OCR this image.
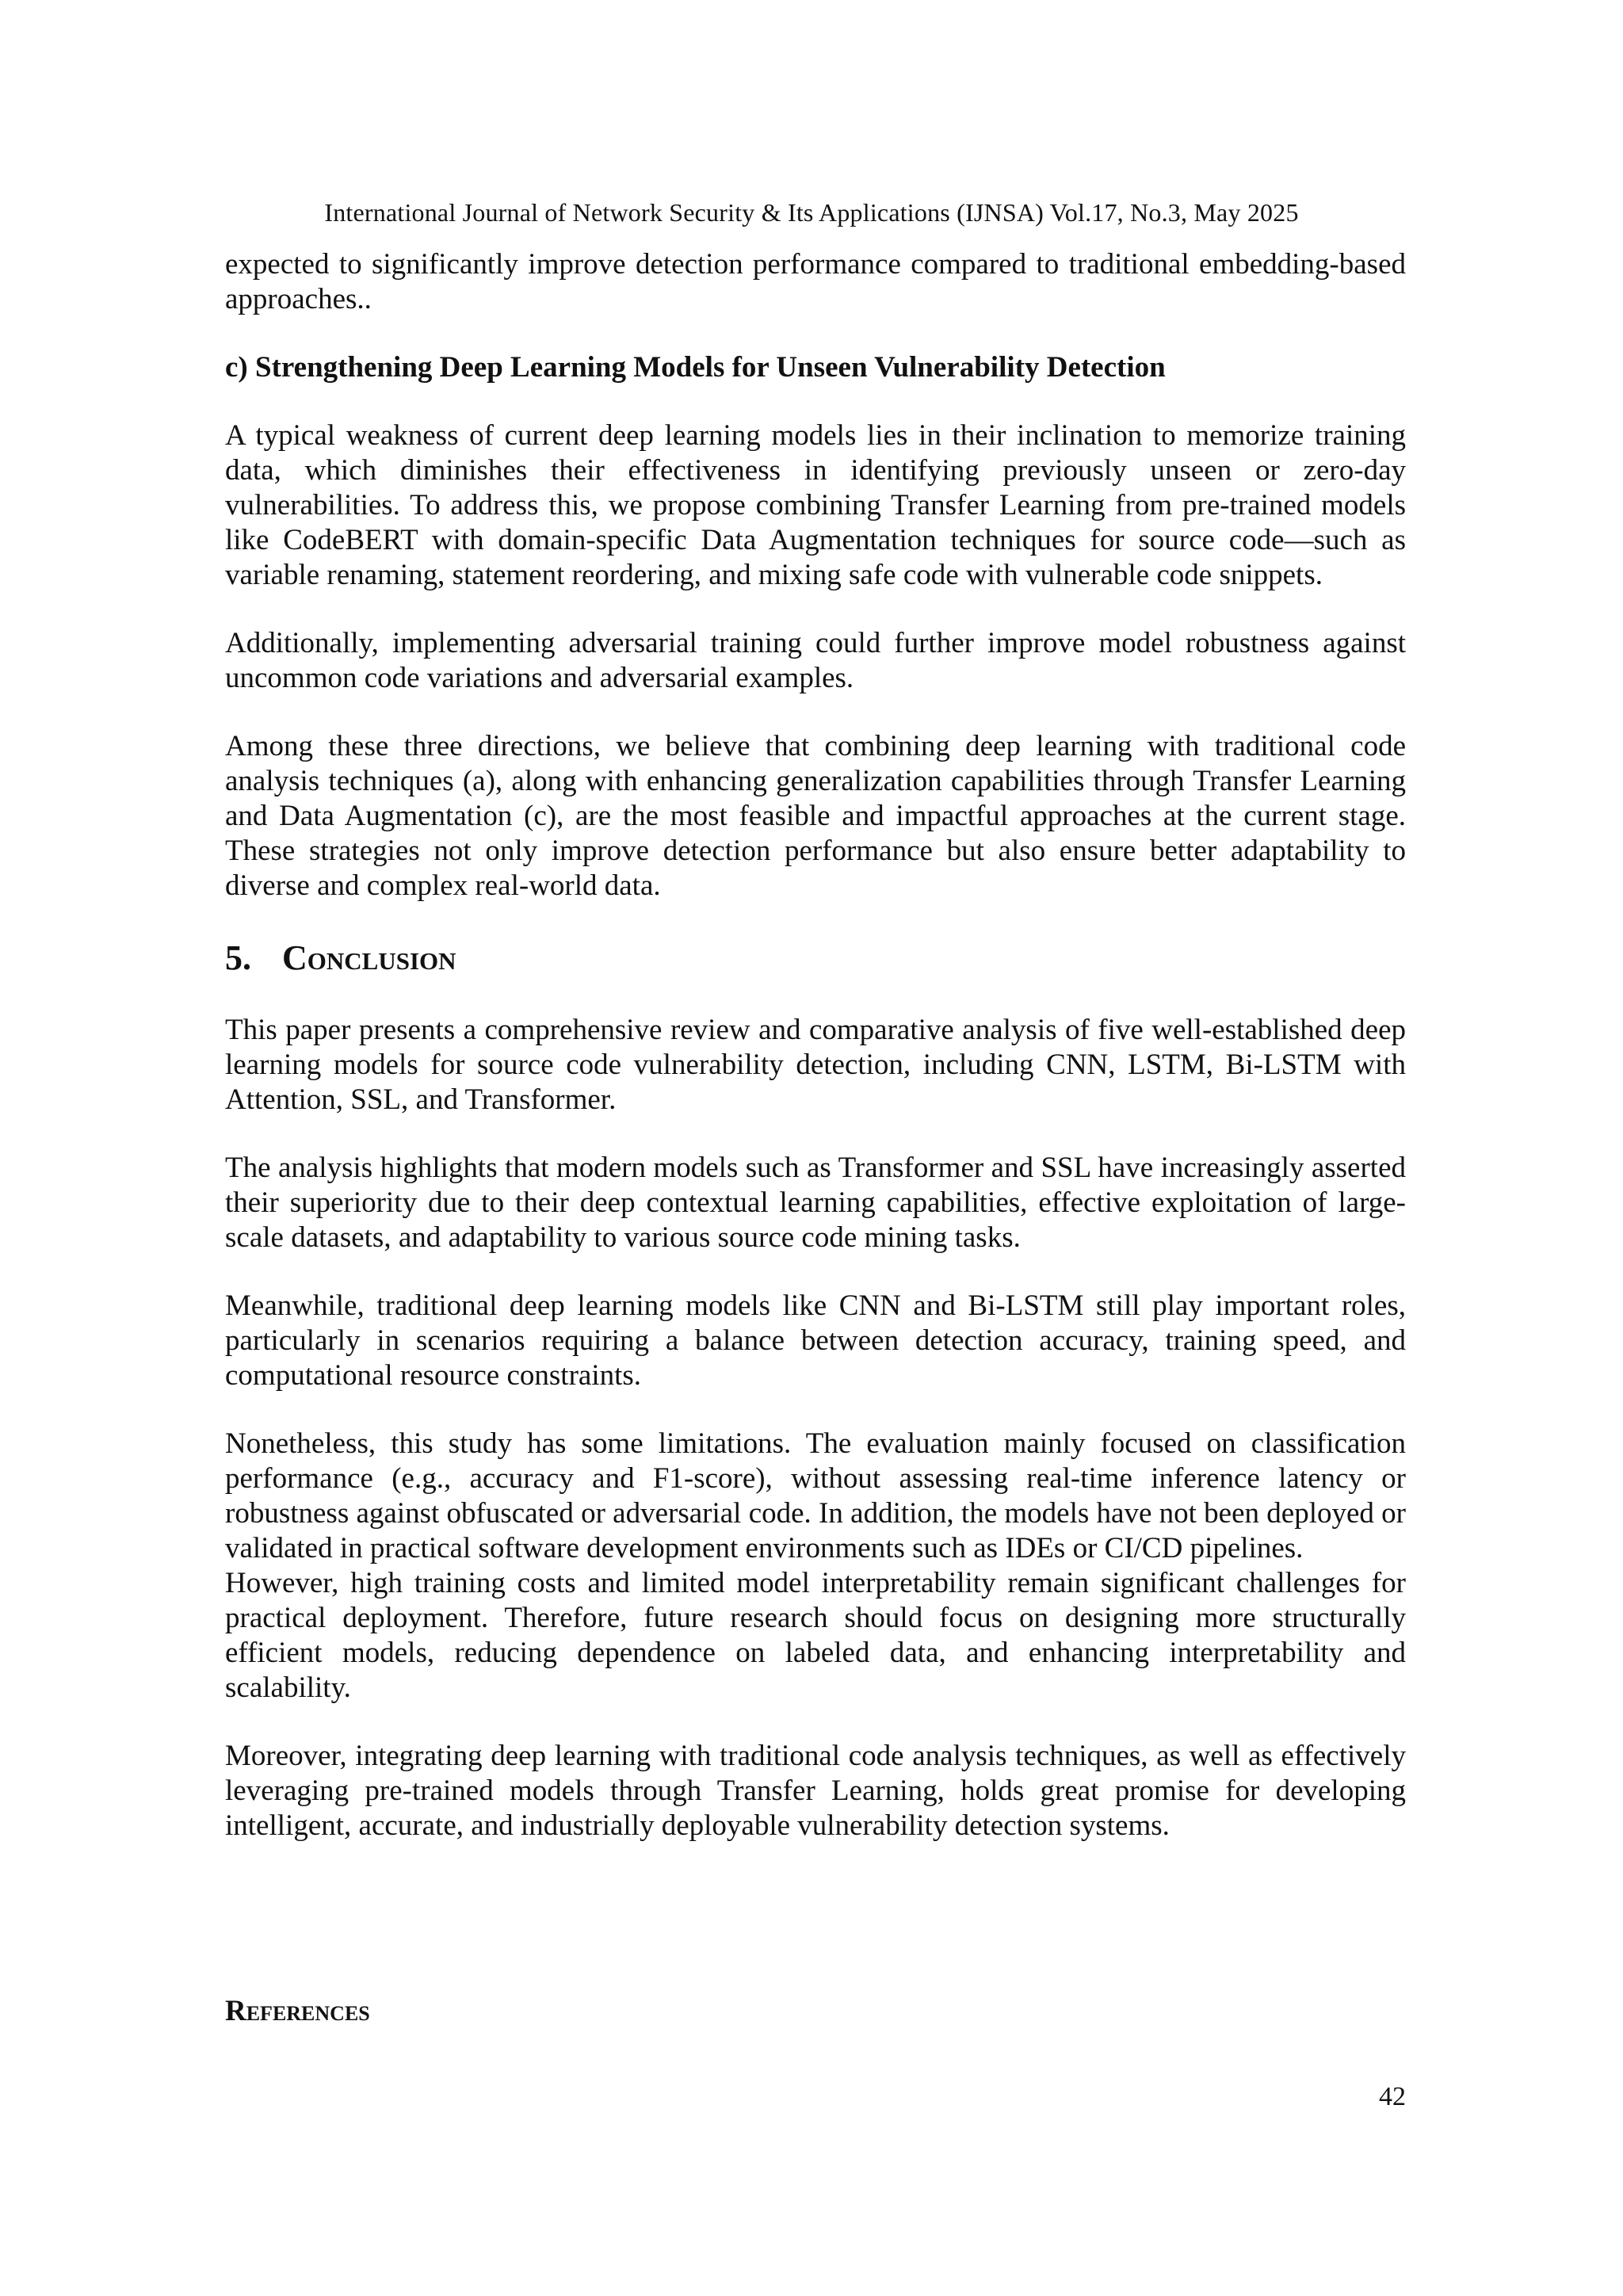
International Journal of Network Security & Its Applications (IJNSA) Vol.17, No.3, May 2025

expected to significantly improve detection performance compared to traditional embedding-based approaches..

c) Strengthening Deep Learning Models for Unseen Vulnerability Detection

A typical weakness of current deep learning models lies in their inclination to memorize training data, which diminishes their effectiveness in identifying previously unseen or zero-day vulnerabilities. To address this, we propose combining Transfer Learning from pre-trained models like CodeBERT with domain-specific Data Augmentation techniques for source code—such as variable renaming, statement reordering, and mixing safe code with vulnerable code snippets.

Additionally, implementing adversarial training could further improve model robustness against uncommon code variations and adversarial examples.

Among these three directions, we believe that combining deep learning with traditional code analysis techniques (a), along with enhancing generalization capabilities through Transfer Learning and Data Augmentation (c), are the most feasible and impactful approaches at the current stage. These strategies not only improve detection performance but also ensure better adaptability to diverse and complex real-world data.

5. Conclusion

This paper presents a comprehensive review and comparative analysis of five well-established deep learning models for source code vulnerability detection, including CNN, LSTM, Bi-LSTM with Attention, SSL, and Transformer.

The analysis highlights that modern models such as Transformer and SSL have increasingly asserted their superiority due to their deep contextual learning capabilities, effective exploitation of large-scale datasets, and adaptability to various source code mining tasks.

Meanwhile, traditional deep learning models like CNN and Bi-LSTM still play important roles, particularly in scenarios requiring a balance between detection accuracy, training speed, and computational resource constraints.

Nonetheless, this study has some limitations. The evaluation mainly focused on classification performance (e.g., accuracy and F1-score), without assessing real-time inference latency or robustness against obfuscated or adversarial code. In addition, the models have not been deployed or validated in practical software development environments such as IDEs or CI/CD pipelines.

However, high training costs and limited model interpretability remain significant challenges for practical deployment. Therefore, future research should focus on designing more structurally efficient models, reducing dependence on labeled data, and enhancing interpretability and scalability.

Moreover, integrating deep learning with traditional code analysis techniques, as well as effectively leveraging pre-trained models through Transfer Learning, holds great promise for developing intelligent, accurate, and industrially deployable vulnerability detection systems.

References
42
